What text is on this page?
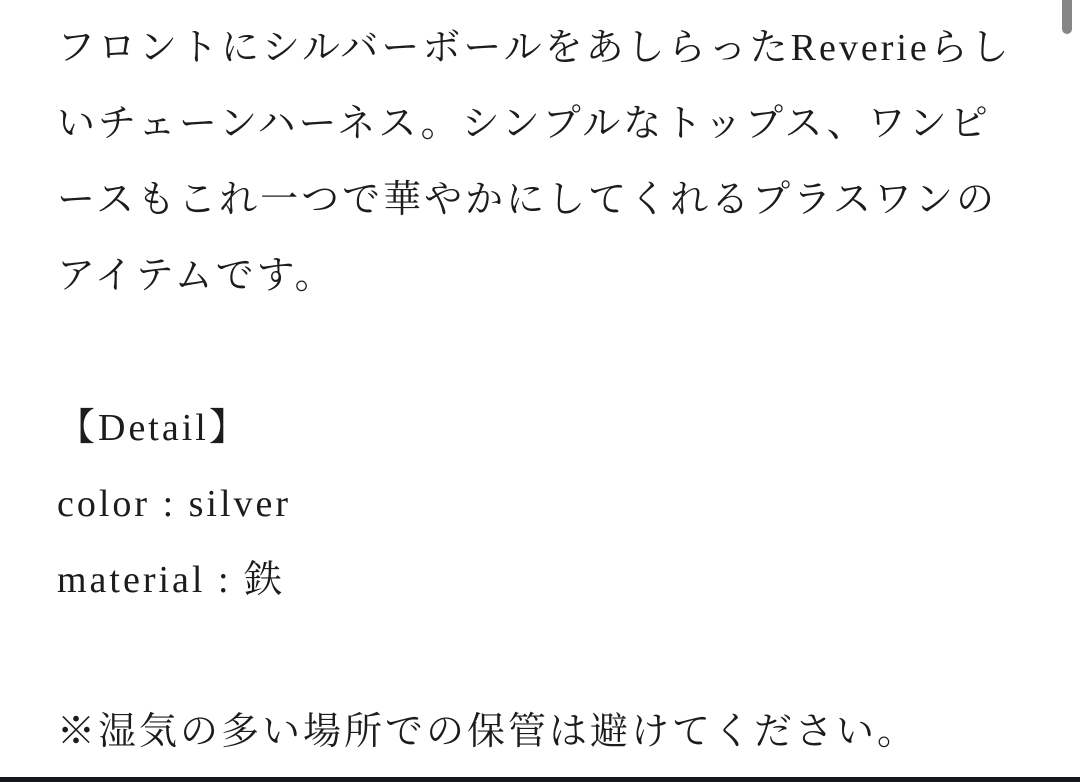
フロントにシルバーボールをあしらったReverieらし

いチェーンハーネス。シンプルなトップス、ワンピ

ースもこれ一つで華やかにしてくれるプラスワンの

アイテムです。

【Detail】

color : silver

material : 鉄

※湿気の多い場所での保管は避けてください。
